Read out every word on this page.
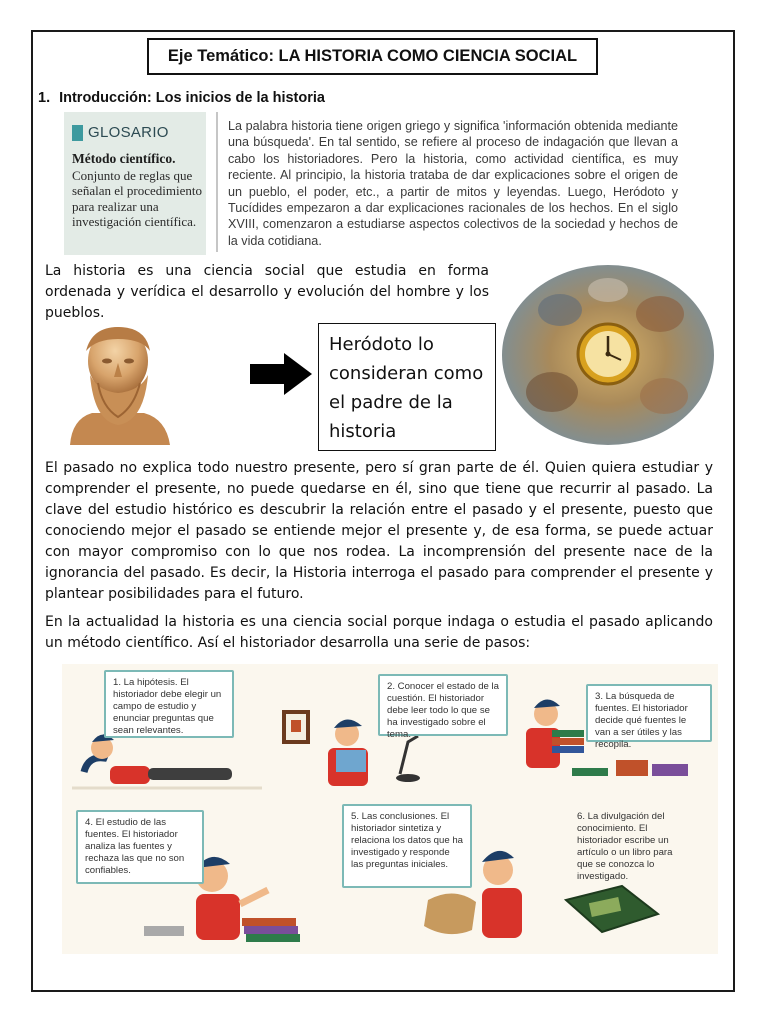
Eje Temático: LA HISTORIA COMO CIENCIA SOCIAL
1. Introducción: Los inicios de la historia
GLOSARIO
Método científico.
Conjunto de reglas que señalan el procedimiento para realizar una investigación científica.
La palabra historia tiene origen griego y significa 'información obtenida mediante una búsqueda'. En tal sentido, se refiere al proceso de indagación que llevan a cabo los historiadores. Pero la historia, como actividad científica, es muy reciente. Al principio, la historia trataba de dar explicaciones sobre el origen de un pueblo, el poder, etc., a partir de mitos y leyendas. Luego, Heródoto y Tucídides empezaron a dar explicaciones racionales de los hechos. En el siglo XVIII, comenzaron a estudiarse aspectos colectivos de la sociedad y hechos de la vida cotidiana.
La historia es una ciencia social que estudia en forma ordenada y verídica el desarrollo y evolución del hombre y los pueblos.
Heródoto lo consideran como el padre de la historia
El pasado no explica todo nuestro presente, pero sí gran parte de él. Quien quiera estudiar y comprender el presente, no puede quedarse en él, sino que tiene que recurrir al pasado. La clave del estudio histórico es descubrir la relación entre el pasado y el presente, puesto que conociendo mejor el pasado se entiende mejor el presente y, de esa forma, se puede actuar con mayor compromiso con lo que nos rodea. La incomprensión del presente nace de la ignorancia del pasado. Es decir, la Historia interroga el pasado para comprender el presente y plantear posibilidades para el futuro.
En la actualidad la historia es una ciencia social porque indaga o estudia el pasado aplicando un método científico. Así el historiador desarrolla una serie de pasos:
1. La hipótesis. El historiador debe elegir un campo de estudio y enunciar preguntas que sean relevantes.
2. Conocer el estado de la cuestión. El historiador debe leer todo lo que se ha investigado sobre el tema.
3. La búsqueda de fuentes. El historiador decide qué fuentes le van a ser útiles y las recopila.
4. El estudio de las fuentes. El historiador analiza las fuentes y rechaza las que no son confiables.
5. Las conclusiones. El historiador sintetiza y relaciona los datos que ha investigado y responde las preguntas iniciales.
6. La divulgación del conocimiento. El historiador escribe un artículo o un libro para que se conozca lo investigado.
